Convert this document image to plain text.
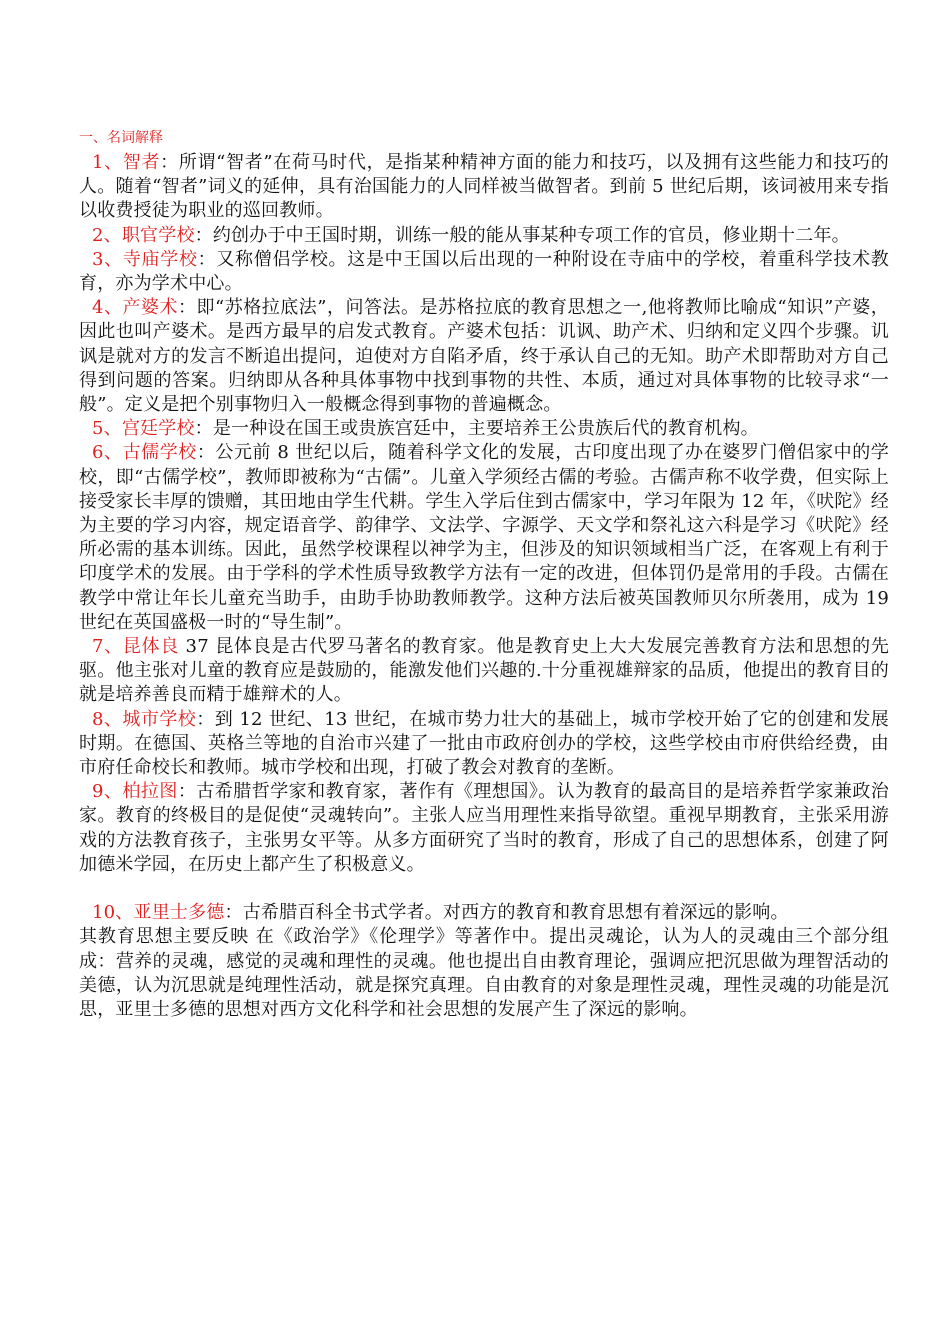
一、名词解释

1、智者：所谓“智者”在荷马时代，是指某种精神方面的能力和技巧，以及拥有这些能力和技巧的人。随着“智者”词义的延伸，具有治国能力的人同样被当做智者。到前 5 世纪后期，该词被用来专指以收费授徒为职业的巡回教师。

2、职官学校：约创办于中王国时期，训练一般的能从事某种专项工作的官员，修业期十二年。

3、寺庙学校：又称僧侣学校。这是中王国以后出现的一种附设在寺庙中的学校，着重科学技术教育，亦为学术中心。

4、产婆术：即“苏格拉底法”，问答法。是苏格拉底的教育思想之一,他将教师比喻成“知识”产婆，因此也叫产婆术。是西方最早的启发式教育。产婆术包括：讥讽、助产术、归纳和定义四个步骤。讥讽是就对方的发言不断追出提问，迫使对方自陷矛盾，终于承认自己的无知。助产术即帮助对方自己得到问题的答案。归纳即从各种具体事物中找到事物的共性、本质，通过对具体事物的比较寻求“一般”。定义是把个别事物归入一般概念得到事物的普遍概念。

5、宫廷学校：是一种设在国王或贵族宫廷中，主要培养王公贵族后代的教育机构。

6、古儒学校：公元前 8 世纪以后，随着科学文化的发展，古印度出现了办在婆罗门僧侣家中的学校，即“古儒学校”，教师即被称为“古儒”。儿童入学须经古儒的考验。古儒声称不收学费，但实际上接受家长丰厚的馈赠，其田地由学生代耕。学生入学后住到古儒家中，学习年限为 12 年，《吠陀》经为主要的学习内容，规定语音学、韵律学、文法学、字源学、天文学和祭礼这六科是学习《吠陀》经所必需的基本训练。因此，虽然学校课程以神学为主，但涉及的知识领域相当广泛，在客观上有利于印度学术的发展。由于学科的学术性质导致教学方法有一定的改进，但体罚仍是常用的手段。古儒在教学中常让年长儿童充当助手，由助手协助教师教学。这种方法后被英国教师贝尔所袭用，成为 19 世纪在英国盛极一时的“导生制”。

7、昆体良 37 昆体良是古代罗马著名的教育家。他是教育史上大大发展完善教育方法和思想的先驱。他主张对儿童的教育应是鼓励的，能激发他们兴趣的.十分重视雄辩家的品质，他提出的教育目的就是培养善良而精于雄辩术的人。

8、城市学校：到 12 世纪、13 世纪，在城市势力壮大的基础上，城市学校开始了它的创建和发展时期。在德国、英格兰等地的自治市兴建了一批由市政府创办的学校，这些学校由市府供给经费，由市府任命校长和教师。城市学校和出现，打破了教会对教育的垄断。

9、柏拉图：古希腊哲学家和教育家，著作有《理想国》。认为教育的最高目的是培养哲学家兼政治家。教育的终极目的是促使“灵魂转向”。主张人应当用理性来指导欲望。重视早期教育，主张采用游戏的方法教育孩子，主张男女平等。从多方面研究了当时的教育，形成了自己的思想体系，创建了阿加德米学园，在历史上都产生了积极意义。

10、亚里士多德：古希腊百科全书式学者。对西方的教育和教育思想有着深远的影响。

其教育思想主要反映 在《政治学》《伦理学》等著作中。提出灵魂论，认为人的灵魂由三个部分组成：营养的灵魂，感觉的灵魂和理性的灵魂。他也提出自由教育理论，强调应把沉思做为理智活动的美德，认为沉思就是纯理性活动，就是探究真理。自由教育的对象是理性灵魂，理性灵魂的功能是沉思，亚里士多德的思想对西方文化科学和社会思想的发展产生了深远的影响。
